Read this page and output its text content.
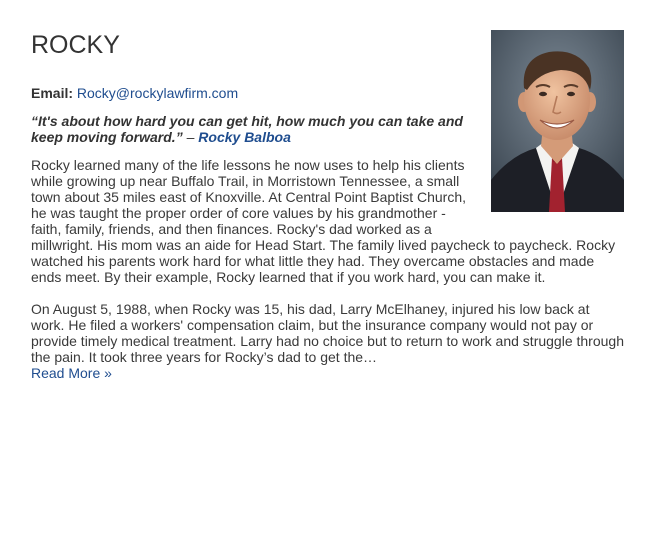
ROCKY

Email: Rocky@rockylawfirm.com

“It's about how hard you can get hit, how much you can take and keep moving forward.” – Rocky Balboa

Rocky learned many of the life lessons he now uses to help his clients while growing up near Buffalo Trail, in Morristown Tennessee, a small town about 35 miles east of Knoxville. At Central Point Baptist Church, he was taught the proper order of core values by his grandmother - faith, family, friends, and then finances. Rocky's dad worked as a millwright. His mom was an aide for Head Start. The family lived paycheck to paycheck. Rocky watched his parents work hard for what little they had. They overcame obstacles and made ends meet. By their example, Rocky learned that if you work hard, you can make it.

On August 5, 1988, when Rocky was 15, his dad, Larry McElhaney, injured his low back at work. He filed a workers' compensation claim, but the insurance company would not pay or provide timely medical treatment. Larry had no choice but to return to work and struggle through the pain. It took three years for Rocky’s dad to get the…
Read More »
